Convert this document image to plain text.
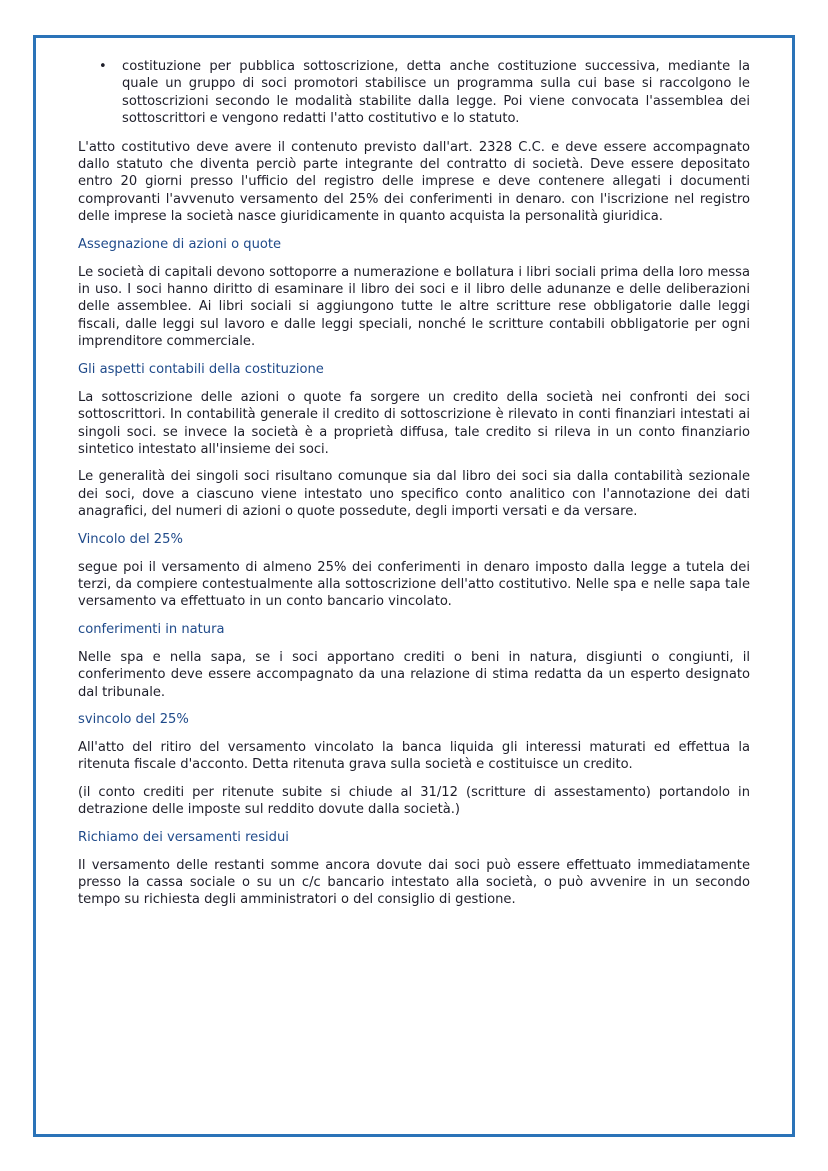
•	costituzione per pubblica sottoscrizione, detta anche costituzione successiva, mediante la quale un gruppo di soci promotori stabilisce un programma sulla cui base si raccolgono le sottoscrizioni secondo le modalità stabilite dalla legge. Poi viene convocata l'assemblea dei sottoscrittori e vengono redatti l'atto costitutivo e lo statuto.

L'atto costitutivo deve avere il contenuto previsto dall'art. 2328 C.C. e deve essere accompagnato dallo statuto che diventa perciò parte integrante del contratto di società. Deve essere depositato entro 20 giorni presso l'ufficio del registro delle imprese e deve contenere allegati i documenti comprovanti l'avvenuto versamento del 25% dei conferimenti in denaro. con l'iscrizione nel registro delle imprese la società nasce giuridicamente in quanto acquista la personalità giuridica.

Assegnazione di azioni o quote

Le società di capitali devono sottoporre a numerazione e bollatura i libri sociali prima della loro messa in uso. I soci hanno diritto di esaminare il libro dei soci e il libro delle adunanze e delle deliberazioni delle assemblee. Ai libri sociali si aggiungono tutte le altre scritture rese obbligatorie dalle leggi fiscali, dalle leggi sul lavoro e dalle leggi speciali, nonché le scritture contabili obbligatorie per ogni imprenditore commerciale.

Gli aspetti contabili della costituzione

La sottoscrizione delle azioni o quote fa sorgere un credito della società nei confronti dei soci sottoscrittori. In contabilità generale il credito di sottoscrizione è rilevato in conti finanziari intestati ai singoli soci. se invece la società è a proprietà diffusa, tale credito si rileva in un conto finanziario sintetico intestato all'insieme dei soci.

Le generalità dei singoli soci risultano comunque sia dal libro dei soci sia dalla contabilità sezionale dei soci, dove a ciascuno viene intestato uno specifico conto analitico con l'annotazione dei dati anagrafici, del numeri di azioni o quote possedute, degli importi versati e da versare.

Vincolo del 25%

segue poi il versamento di almeno 25% dei conferimenti in denaro imposto dalla legge a tutela dei terzi, da compiere contestualmente alla sottoscrizione dell'atto costitutivo. Nelle spa e nelle sapa tale versamento va effettuato in un conto bancario vincolato.

conferimenti in natura

Nelle spa e nella sapa, se i soci apportano crediti o beni in natura, disgiunti o congiunti, il conferimento deve essere accompagnato da una relazione di stima redatta da un esperto designato dal tribunale.

svincolo del 25%

All'atto del ritiro del versamento vincolato la banca liquida gli interessi maturati ed effettua la ritenuta fiscale d'acconto. Detta ritenuta grava sulla società e costituisce un credito.

(il conto crediti per ritenute subite si chiude al 31/12 (scritture di assestamento) portandolo in detrazione delle imposte sul reddito dovute dalla società.)

Richiamo dei versamenti residui

Il versamento delle restanti somme ancora dovute dai soci può essere effettuato immediatamente presso la cassa sociale o su un c/c bancario intestato alla società, o può avvenire in un secondo tempo su richiesta degli amministratori o del consiglio di gestione.
